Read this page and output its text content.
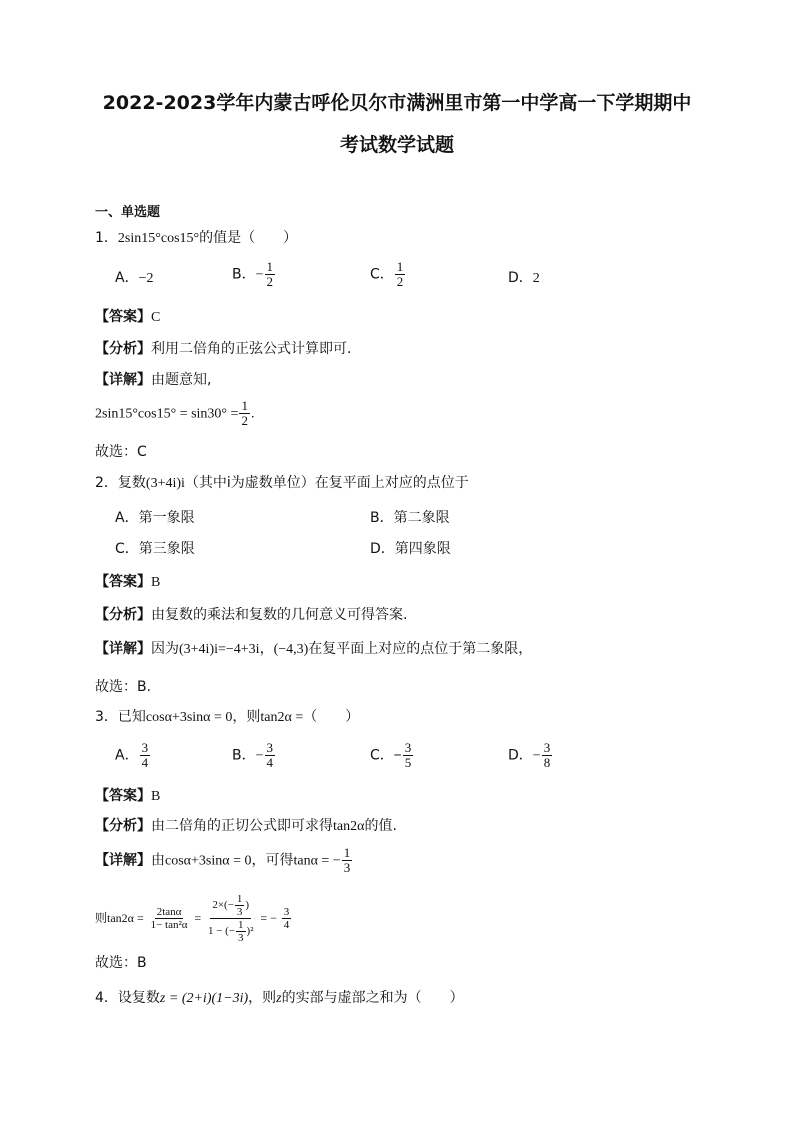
2022-2023学年内蒙古呼伦贝尔市满洲里市第一中学高一下学期期中
考试数学试题
一、单选题
1．2sin15°cos15°的值是（　　）
A．−2	B．− $\frac{1}{2}$	C． $\frac{1}{2}$	D．2
【答案】C
【分析】利用二倍角的正弦公式计算即可.
【详解】由题意知,
$2\sin 15^\circ\cos 15^\circ = \sin 30^\circ = \frac{1}{2}$ .
故选：C
2．复数(3+4i)i（其中i为虚数单位）在复平面上对应的点位于
A．第一象限	B．第二象限
C．第三象限	D．第四象限
【答案】B
【分析】由复数的乘法和复数的几何意义可得答案.
【详解】因为(3+4i)i=−4+3i，(−4,3)在复平面上对应的点位于第二象限，
故选：B.
3．已知cosα+3sinα = 0，则tan2α =（　　）
A． $\frac{3}{4}$	B．− $\frac{3}{4}$	C．− $\frac{3}{5}$	D．− $\frac{3}{8}$
【答案】B
【分析】由二倍角的正切公式即可求得tan2α的值.
【详解】由cosα+3sinα = 0，可得tanα = − $\frac{1}{3}$
则$\tan 2\alpha = \frac{2\tan\alpha}{\text{1− tan²α}} = \frac{2\times(- \frac{1}{3} )}{1 - (- \frac{1}{3} )^2}$ = − $\frac{3}{4}$
故选：B
4．设复数z = (2+i)(1−3i)，则z的实部与虚部之和为（　　）
